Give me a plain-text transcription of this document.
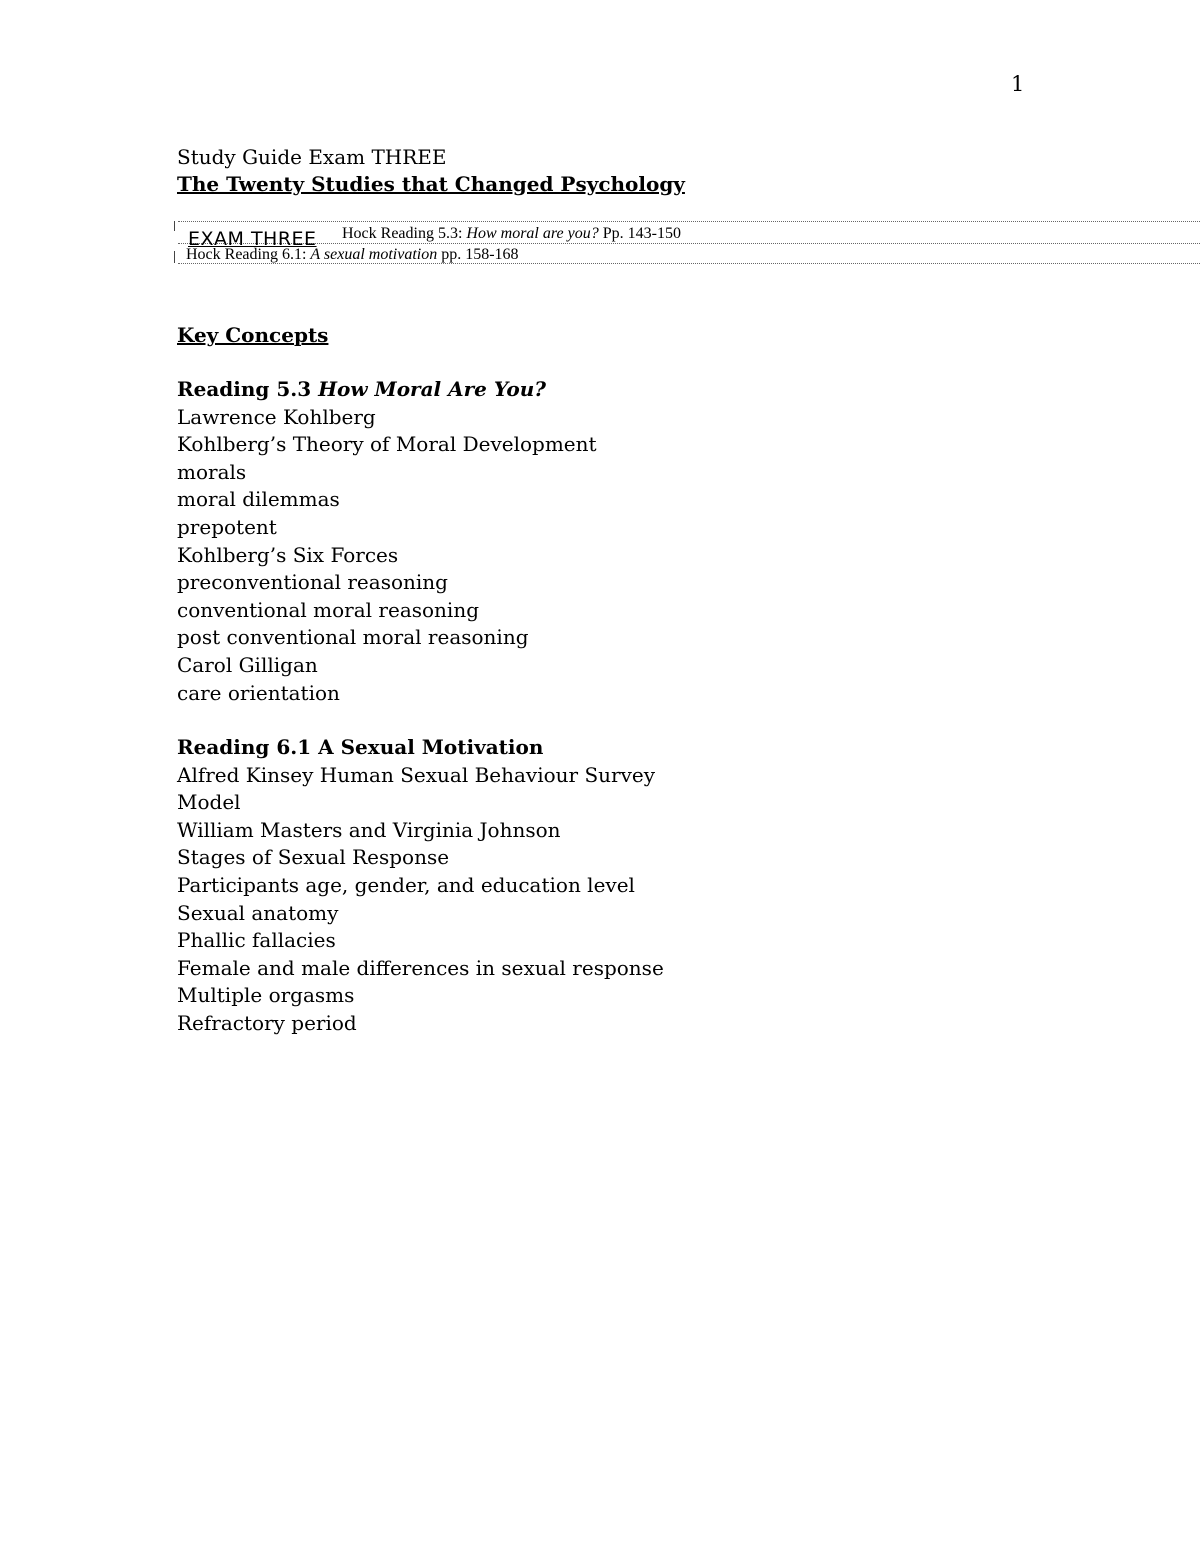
1
Study Guide Exam THREE
The Twenty Studies that Changed Psychology
EXAM THREE Hock Reading 5.3: How moral are you? Pp. 143-150
Hock Reading 6.1: A sexual motivation pp. 158-168
Key Concepts
Reading 5.3 How Moral Are You?
Lawrence Kohlberg
Kohlberg’s Theory of Moral Development
morals
moral dilemmas
prepotent
Kohlberg’s Six Forces
preconventional reasoning
conventional moral reasoning
post conventional moral reasoning
Carol Gilligan
care orientation
Reading 6.1 A Sexual Motivation
Alfred Kinsey Human Sexual Behaviour Survey
Model
William Masters and Virginia Johnson
Stages of Sexual Response
Participants age, gender, and education level
Sexual anatomy
Phallic fallacies
Female and male differences in sexual response
Multiple orgasms
Refractory period
